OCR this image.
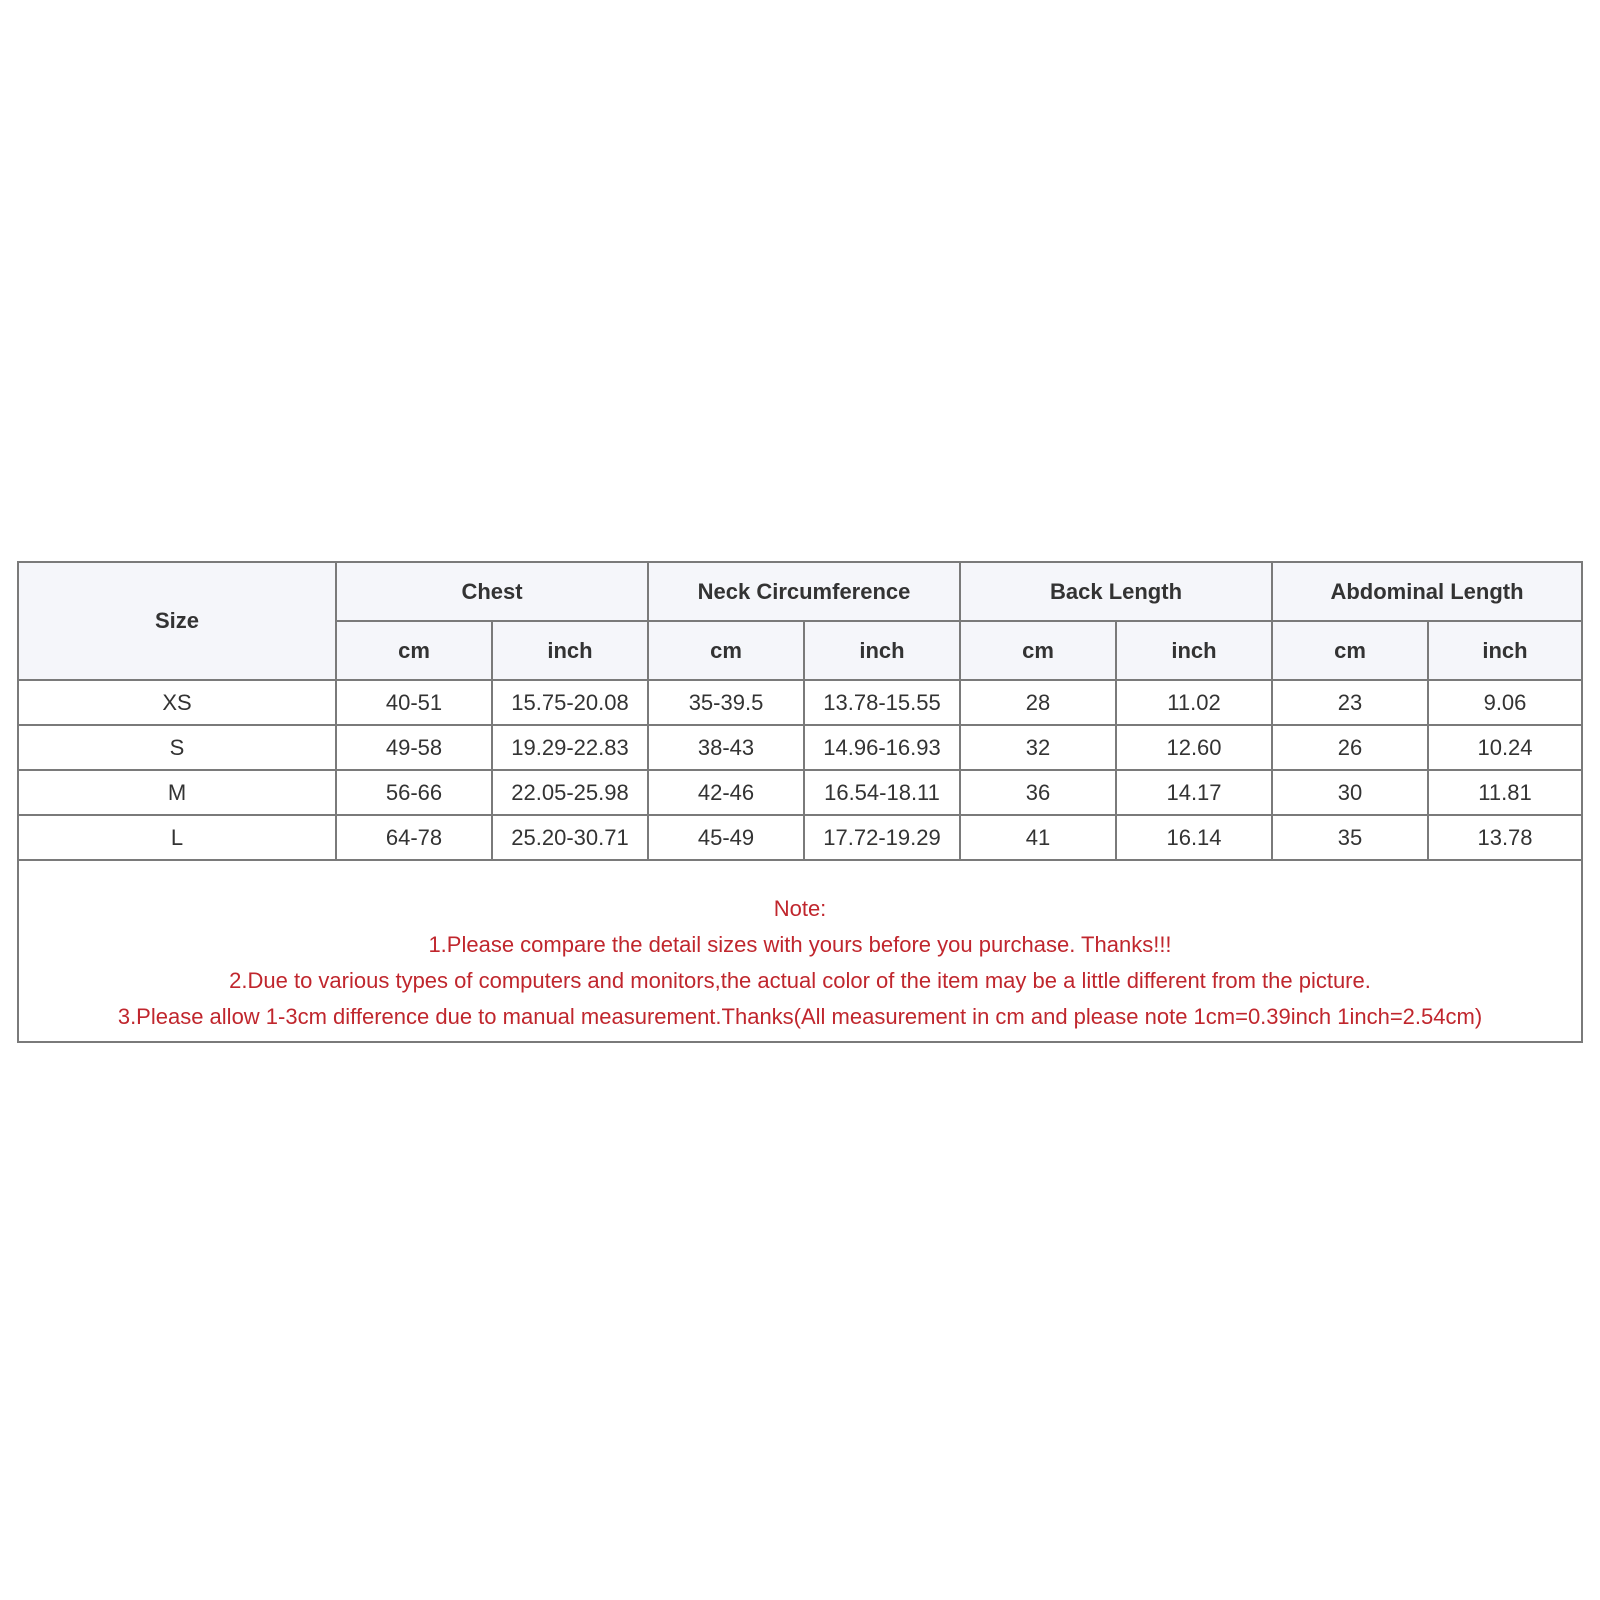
Size	Chest		Neck Circumference		Back Length		Abdominal Length	
	cm	inch	cm	inch	cm	inch	cm	inch
XS	40-51	15.75-20.08	35-39.5	13.78-15.55	28	11.02	23	9.06
S	49-58	19.29-22.83	38-43	14.96-16.93	32	12.60	26	10.24
M	56-66	22.05-25.98	42-46	16.54-18.11	36	14.17	30	11.81
L	64-78	25.20-30.71	45-49	17.72-19.29	41	16.14	35	13.78
Note:
1.Please compare the detail sizes with yours before you purchase. Thanks!!!
2.Due to various types of computers and monitors,the actual color of the item may be a little different from the picture.
3.Please allow 1-3cm difference due to manual measurement.Thanks(All measurement in cm and please note 1cm=0.39inch 1inch=2.54cm)
